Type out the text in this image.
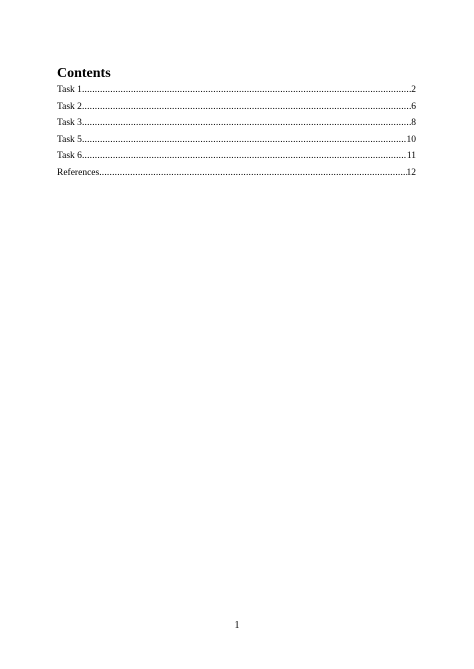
Contents
Task 1 .....	2
Task 2 .....	6
Task 3 .....	8
Task 5 .....	10
Task 6 .....	11
References .....	12
1
